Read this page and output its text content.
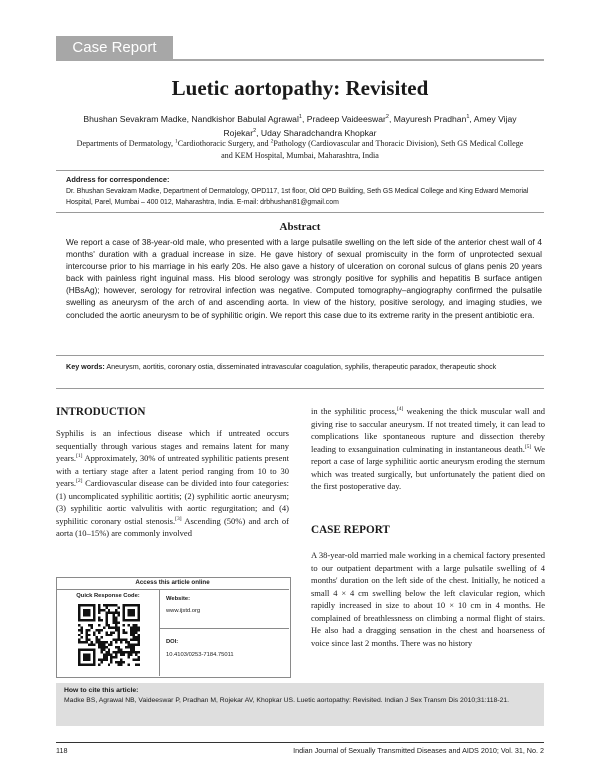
Case Report
Luetic aortopathy: Revisited
Bhushan Sevakram Madke, Nandkishor Babulal Agrawal$^1$, Pradeep Vaideeswar$^2$, Mayuresh Pradhan$^1$, Amey Vijay Rojekar$^2$, Uday Sharadchandra Khopkar
Departments of Dermatology, $^1$Cardiothoracic Surgery, and $^2$Pathology (Cardiovascular and Thoracic Division), Seth GS Medical College and KEM Hospital, Mumbai, Maharashtra, India
Address for correspondence:
Dr. Bhushan Sevakram Madke, Department of Dermatology, OPD117, 1st floor, Old OPD Building, Seth GS Medical College and King Edward Memorial Hospital, Parel, Mumbai – 400 012, Maharashtra, India. E-mail: drbhushan81@gmail.com
Abstract
We report a case of 38-year-old male, who presented with a large pulsatile swelling on the left side of the anterior chest wall of 4 months' duration with a gradual increase in size. He gave history of sexual promiscuity in the form of unprotected sexual intercourse prior to his marriage in his early 20s. He also gave a history of ulceration on coronal sulcus of glans penis 20 years back with painless right inguinal mass. His blood serology was strongly positive for syphilis and hepatitis B surface antigen (HBsAg); however, serology for retroviral infection was negative. Computed tomography–angiography confirmed the pulsatile swelling as aneurysm of the arch of and ascending aorta. In view of the history, positive serology, and imaging studies, we concluded the aortic aneurysm to be of syphilitic origin. We report this case due to its extreme rarity in the present antibiotic era.
Key words: Aneurysm, aortitis, coronary ostia, disseminated intravascular coagulation, syphilis, therapeutic paradox, therapeutic shock
INTRODUCTION
Syphilis is an infectious disease which if untreated occurs sequentially through various stages and remains latent for many years.[1] Approximately, 30% of untreated syphilitic patients present with a tertiary stage after a latent period ranging from 10 to 30 years.[2] Cardiovascular disease can be divided into four categories: (1) uncomplicated syphilitic aortitis; (2) syphilitic aortic aneurysm; (3) syphilitic aortic valvulitis with aortic regurgitation; and (4) syphilitic coronary ostial stenosis.[3] Ascending (50%) and arch of aorta (10–15%) are commonly involved
in the syphilitic process,[4] weakening the thick muscular wall and giving rise to saccular aneurysm. If not treated timely, it can lead to complications like spontaneous rupture and dissection thereby leading to exsanguination culminating in instantaneous death.[5] We report a case of large syphilitic aortic aneurysm eroding the sternum which was treated surgically, but unfortunately the patient died on the first postoperative day.
CASE REPORT
A 38-year-old married male working in a chemical factory presented to our outpatient department with a large pulsatile swelling of 4 months' duration on the left side of the chest. Initially, he noticed a small 4 × 4 cm swelling below the left clavicular region, which rapidly increased in size to about 10 × 10 cm in 4 months. He complained of breathlessness on climbing a normal flight of stairs. He also had a dragging sensation in the chest and hoarseness of voice since last 2 months. There was no history
Access this article online
Quick Response Code:	Website:
www.ijstd.org
DOI:
10.4103/0253-7184.75011
How to cite this article:
Madke BS, Agrawal NB, Vaideeswar P, Pradhan M, Rojekar AV, Khopkar US. Luetic aortopathy: Revisited. Indian J Sex Transm Dis 2010;31:118-21.
118	Indian Journal of Sexually Transmitted Diseases and AIDS 2010; Vol. 31, No. 2
